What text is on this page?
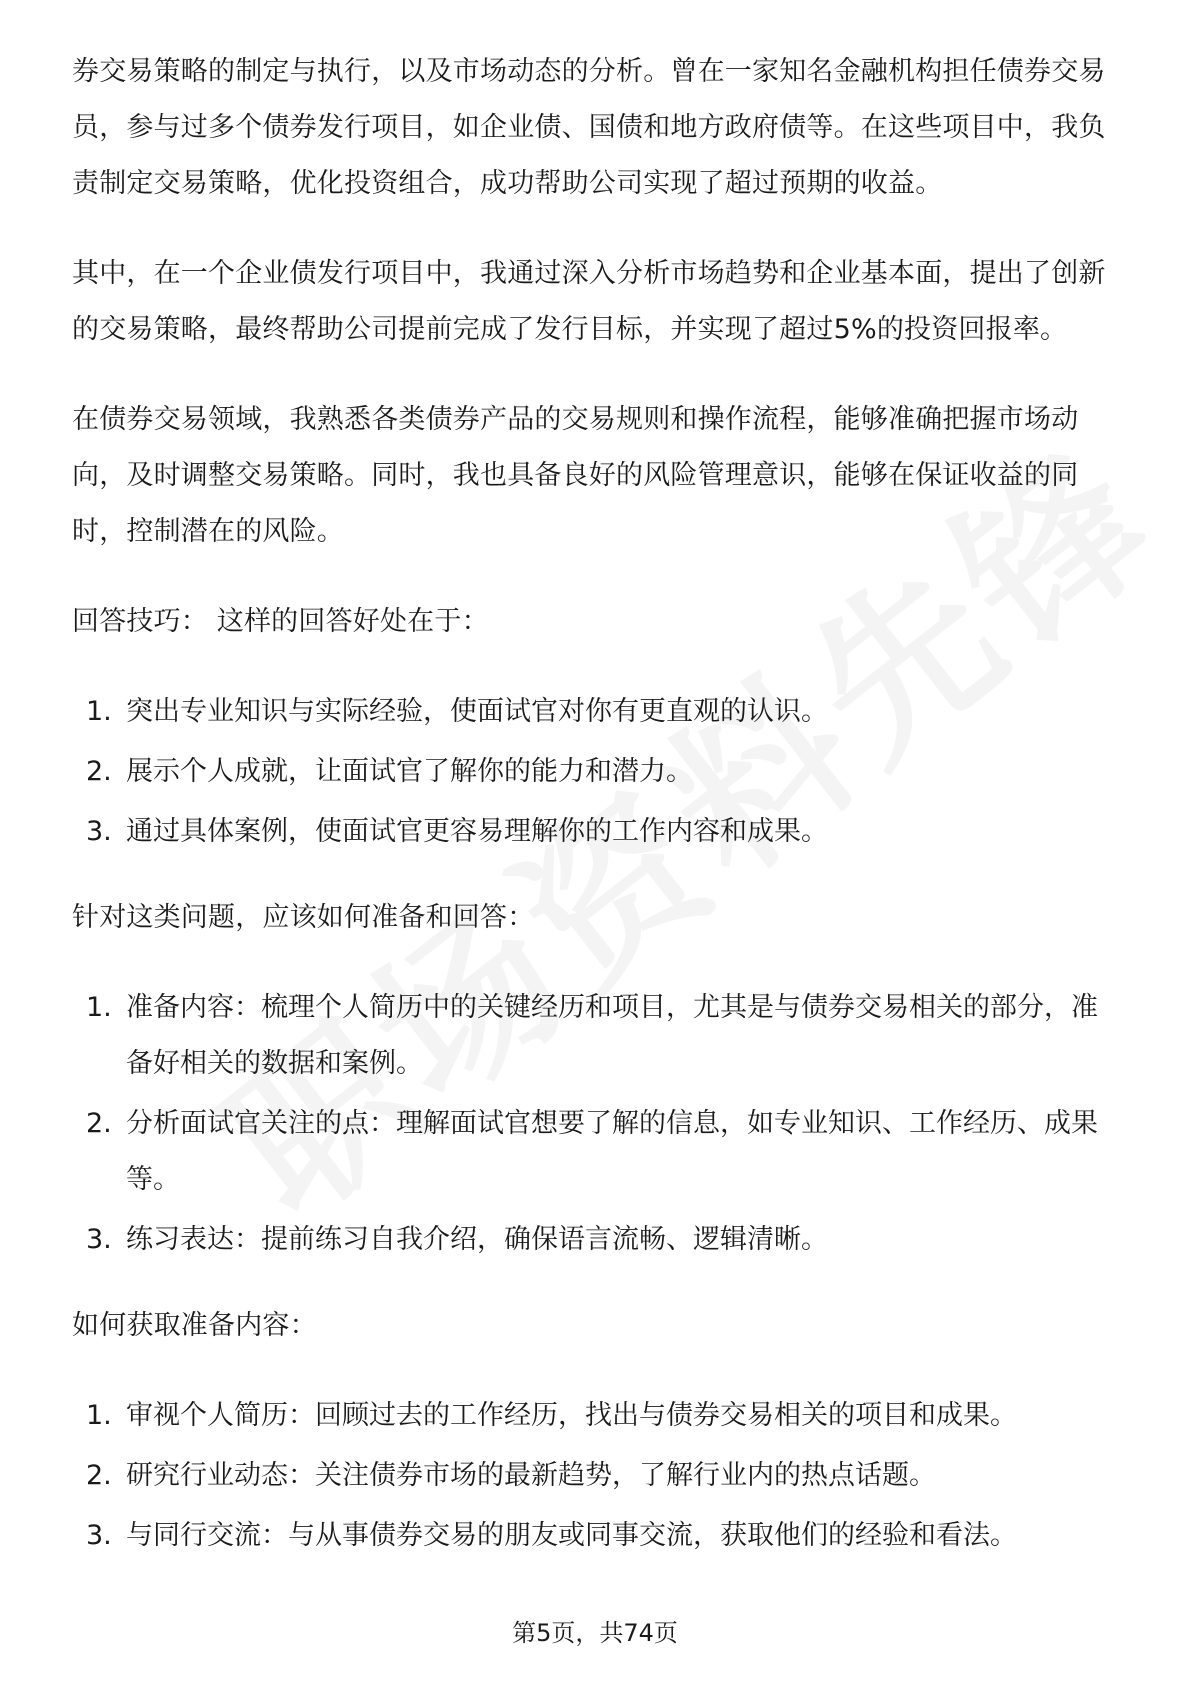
券交易策略的制定与执行，以及市场动态的分析。曾在一家知名金融机构担任债券交易员，参与过多个债券发行项目，如企业债、国债和地方政府债等。在这些项目中，我负责制定交易策略，优化投资组合，成功帮助公司实现了超过预期的收益。

其中，在一个企业债发行项目中，我通过深入分析市场趋势和企业基本面，提出了创新的交易策略，最终帮助公司提前完成了发行目标，并实现了超过5%的投资回报率。

在债券交易领域，我熟悉各类债券产品的交易规则和操作流程，能够准确把握市场动向，及时调整交易策略。同时，我也具备良好的风险管理意识，能够在保证收益的同时，控制潜在的风险。

回答技巧： 这样的回答好处在于：

1. 突出专业知识与实际经验，使面试官对你有更直观的认识。
2. 展示个人成就，让面试官了解你的能力和潜力。
3. 通过具体案例，使面试官更容易理解你的工作内容和成果。

针对这类问题，应该如何准备和回答：

1. 准备内容：梳理个人简历中的关键经历和项目，尤其是与债券交易相关的部分，准备好相关的数据和案例。
2. 分析面试官关注的点：理解面试官想要了解的信息，如专业知识、工作经历、成果等。
3. 练习表达：提前练习自我介绍，确保语言流畅、逻辑清晰。

如何获取准备内容：

1. 审视个人简历：回顾过去的工作经历，找出与债券交易相关的项目和成果。
2. 研究行业动态：关注债券市场的最新趋势，了解行业内的热点话题。
3. 与同行交流：与从事债券交易的朋友或同事交流，获取他们的经验和看法。
第5页，共74页
